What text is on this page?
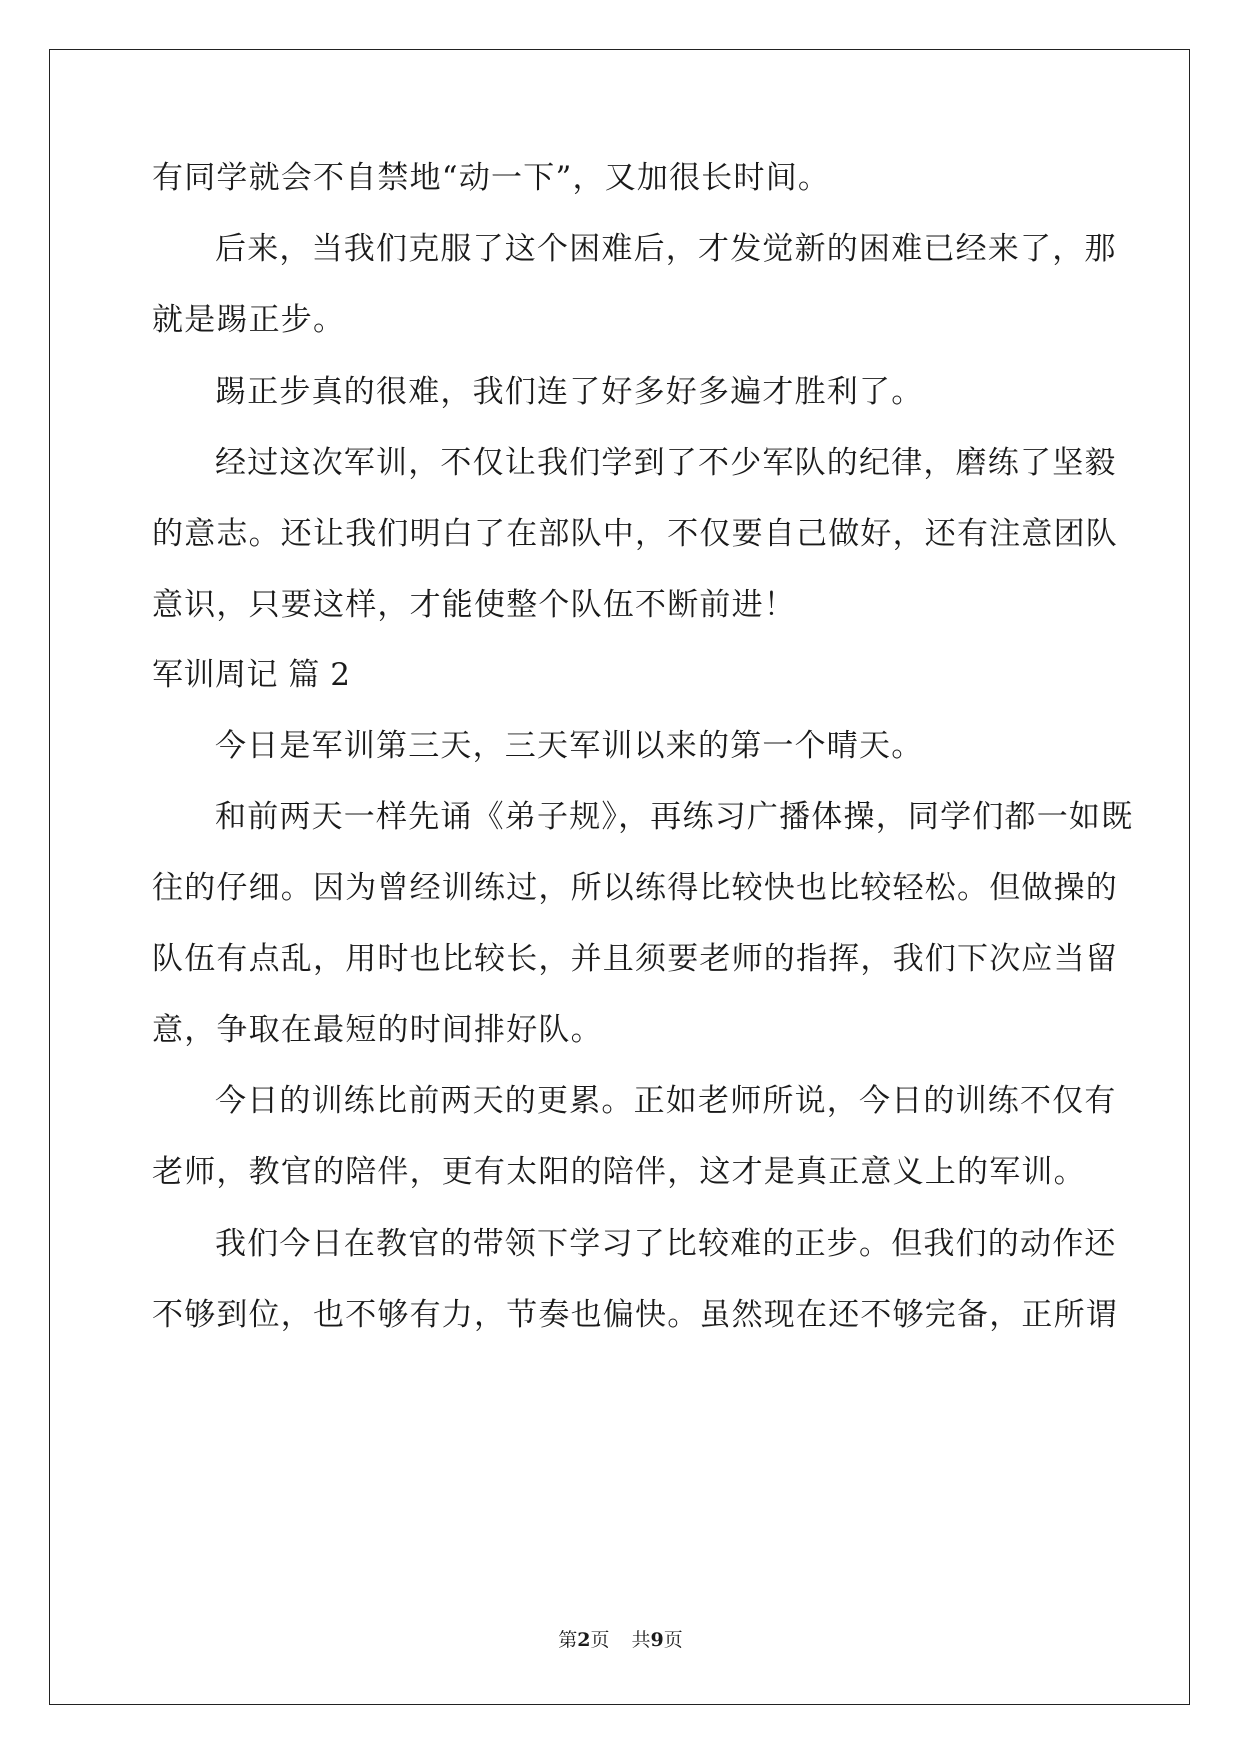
有同学就会不自禁地“动一下”，又加很长时间。
后来，当我们克服了这个困难后，才发觉新的困难已经来了，那
就是踢正步。
踢正步真的很难，我们连了好多好多遍才胜利了。
经过这次军训，不仅让我们学到了不少军队的纪律，磨练了坚毅
的意志。还让我们明白了在部队中，不仅要自己做好，还有注意团队
意识，只要这样，才能使整个队伍不断前进！
军训周记 篇 2
今日是军训第三天，三天军训以来的第一个晴天。
和前两天一样先诵《弟子规》，再练习广播体操，同学们都一如既
往的仔细。因为曾经训练过，所以练得比较快也比较轻松。但做操的
队伍有点乱，用时也比较长，并且须要老师的指挥，我们下次应当留
意，争取在最短的时间排好队。
今日的训练比前两天的更累。正如老师所说，今日的训练不仅有
老师，教官的陪伴，更有太阳的陪伴，这才是真正意义上的军训。
我们今日在教官的带领下学习了比较难的正步。但我们的动作还
不够到位，也不够有力，节奏也偏快。虽然现在还不够完备，正所谓
第2页 共9页
